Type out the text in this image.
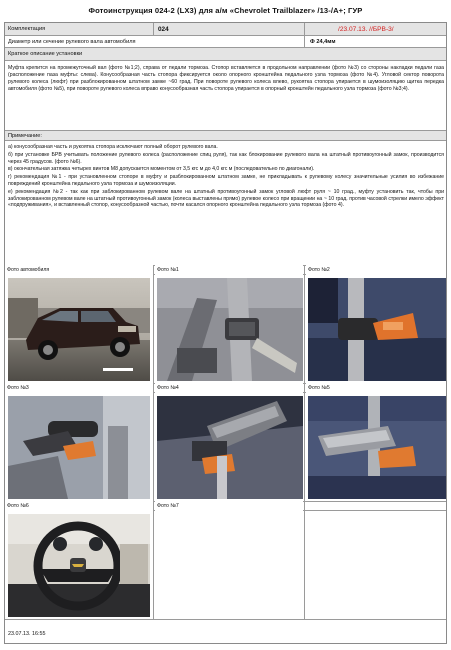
Фотоинструкция 024-2 (LX3) для а/м «Chevrolet Trailblazer» /13-/А+; ГУР
Комплектация	024	/23.07.13. //БРВ-3/
Диаметр или сечение рулевого вала автомобиля	Ф 24,4мм
Краткое описание установки
Муфта крепится на промежуточный вал (фото №1;2), справа от педали тормоза. Стопор вставляется в продольном направлении (фото №3) со стороны накладки педали газа (расположение паза муфты: слева). Конусообразная часть стопора фиксируется около опорного кронштейна педального узла тормоза (фото №4). Угловой сектор поворота рулевого колеса (люфт) при разблокированном штатном замке ~60 град. При повороте рулевого колеса влево, рукоятка стопора упирается в шумоизоляцию щитка передка автомобиля (фото №5), при повороте рулевого колеса вправо конусообразная часть стопора упирается в опорный кронштейн педального узла тормоза (фото №3;4).
Примечание:

а) конусообразная часть и рукоятка стопора исключают полный оборот рулевого вала.

б) при установке БРВ учитывать положение рулевого колеса (расположение спиц руля), так как блокирование рулевого вала на штатный противоугонный замок, производится через 45 градусов. (фото №6).

в) окончательная затяжка четырех винтов М8 допускается моментом от 3,5 кгс м до 4,0 кгс м (последовательно по диагонали).

г) рекомендация №1 - при установленном стопоре в муфту и разблокированном штатном замке, не прикладывать к рулевому колесу значительные усилия во избежание повреждений кронштейна педального узла тормоза и шумоизоляции.

е) рекомендация №2 - так как при заблокированном рулевом вале на штатный противоугонный замок угловой люфт руля ~ 10 град., муфту установить так, чтобы при заблокированном рулевом вале на штатный противоугонный замок (колеса выставлены прямо) рулевое колесо при вращении на ~ 10 град. против часовой стрелки имело эффект «подпруживания», и вставленный стопор, конусообразной частью, почти касался опорного кронштейна педального узла тормоза (фото 4).

Фото автомобиля	Фото №1	Фото №2
Фото №3	Фото №4	Фото №5
Фото №6	Фото №7
23.07.13. 16:55
